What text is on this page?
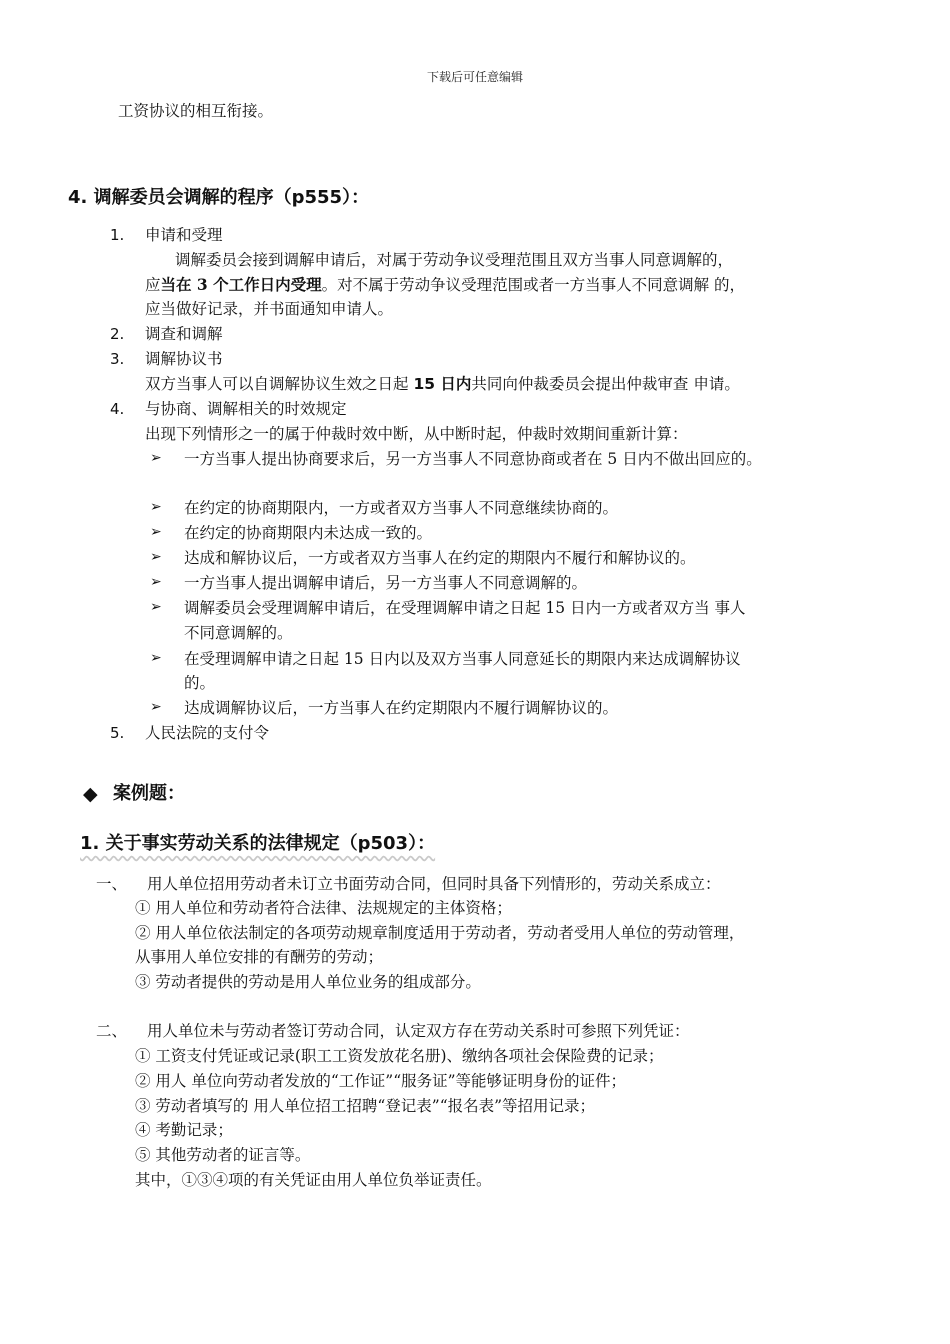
下载后可任意编辑
工资协议的相互衔接。
4. 调解委员会调解的程序（p555）：
1. 申请和受理
调解委员会接到调解申请后，对属于劳动争议受理范围且双方当事人同意调解的，
应当在 3 个工作日内受理。对不属于劳动争议受理范围或者一方当事人不同意调解 的，
应当做好记录，并书面通知申请人。
2. 调查和调解
3. 调解协议书
双方当事人可以自调解协议生效之日起 15 日内共同向仲裁委员会提出仲裁审查 申请。
4. 与协商、调解相关的时效规定
出现下列情形之一的属于仲裁时效中断，从中断时起，仲裁时效期间重新计算：
➢ 一方当事人提出协商要求后，另一方当事人不同意协商或者在 5 日内不做出回应的。
➢ 在约定的协商期限内，一方或者双方当事人不同意继续协商的。
➢ 在约定的协商期限内未达成一致的。
➢ 达成和解协议后，一方或者双方当事人在约定的期限内不履行和解协议的。
➢ 一方当事人提出调解申请后，另一方当事人不同意调解的。
➢ 调解委员会受理调解申请后，在受理调解申请之日起 15 日内一方或者双方当 事人
不同意调解的。
➢ 在受理调解申请之日起 15 日内以及双方当事人同意延长的期限内来达成调解协议
的。
➢ 达成调解协议后，一方当事人在约定期限内不履行调解协议的。
5. 人民法院的支付令
◆ 案例题：
1. 关于事实劳动关系的法律规定（p503）：
一、 用人单位招用劳动者未订立书面劳动合同，但同时具备下列情形的，劳动关系成立：
① 用人单位和劳动者符合法律、法规规定的主体资格；
② 用人单位依法制定的各项劳动规章制度适用于劳动者，劳动者受用人单位的劳动管理，
从事用人单位安排的有酬劳的劳动；
③ 劳动者提供的劳动是用人单位业务的组成部分。
二、 用人单位未与劳动者签订劳动合同，认定双方存在劳动关系时可参照下列凭证：
① 工资支付凭证或记录(职工工资发放花名册)、缴纳各项社会保险费的记录；
② 用人 单位向劳动者发放的“工作证”“服务证”等能够证明身份的证件；
③ 劳动者填写的 用人单位招工招聘“登记表”“报名表”等招用记录；
④ 考勤记录；
⑤ 其他劳动者的证言等。
其中，①③④项的有关凭证由用人单位负举证责任。
